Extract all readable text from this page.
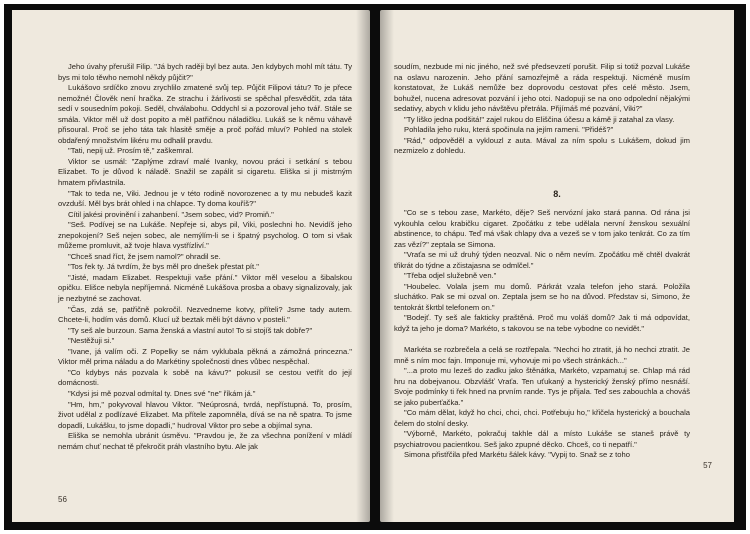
Jeho úvahy přerušil Filip. "Já bych raději byl bez auta. Jen kdybych mohl mít tátu. Ty bys mi tolo těwho nemohl někdy půjčit?"

Lukášovo srdíčko znovu zrychlilo zmatené svůj tep. Půjčit Filipovi tátu? To je přece nemožné! Člověk není hračka. Ze strachu i žárlivosti se spěchal přesvědčit, zda táta sedí v sousedním pokoji. Seděl, chválabohu. Oddychl si a pozoroval jeho tvář. Stále se smála. Viktor měl už dost popito a měl patřičnou náladičku. Lukáš se k němu váhavě přisoural. Proč se jeho táta tak hlasitě směje a proč pořád mluví? Pohled na stolek obdařený množstvím likéru mu odhalil pravdu.

"Tati, nepij už. Prosím tě," zaškemral.

Viktor se usmál: "Zaplýme zdraví malé Ivanky, novou práci i setkání s tebou Elizabet. To je důvod k náladě. Snažil se zapálit si cigaretu. Eliška si ji mistrným hmatem přivlastnila.

"Tak to teda ne, Viki. Jednou je v této rodině novorozenec a ty mu nebudeš kazit ovzduší. Měl bys brát ohled i na chlapce. Ty doma kouříš?"

Cítil jakési provinění i zahanbení. "Jsem sobec, vid? Promiň."

"Seš. Podívej se na Lukáše. Nepřeje si, abys pil, Viki, poslechni ho. Nevidíš jeho znepokojení? Seš nejen sobec, ale nemýlím-li se i špatný psycholog. O tom si však můžeme promluvit, až tvoje hlava vystřízliví."

"Chceš snad říct, že jsem namol?" ohradil se.

"Tos řek ty. Já tvrdím, že bys měl pro dnešek přestat pít."

"Jisté, madam Elizabet. Respektuji vaše přání." Viktor měl veselou a šibalskou opičku. Elišce nebyla nepříjemná. Nicméně Lukášova prosba a obavy signalizovaly, jak je nezbytné se zachovat.

"Čas, zdá se, patřičně pokročil. Nezvedneme kotvy, příteli? Jsme tady autem. Chcete-li, hodím vás domů. Klucí už beztak měli být dávno v posteli."

"Ty seš ale burzoun. Sama ženská a vlastní auto! To si stojíš tak dobře?"

"Nestěžuji si."

"Ivane, já valím oči. Z Popelky se nám vyklubala pěkná a zámožná princezna." Viktor měl prima náladu a do Markétiny společnosti dnes vůbec nespěchal.

"Co kdybys nás pozvala k sobě na kávu?" pokusil se cestou vetřít do její domácnosti.

"Kdysi jsi mě pozval odmítal ty. Dnes své "ne" říkám já."

"Hm, hm," pokyvoval hlavou Viktor. "Neúprosná, tvrdá, nepřístupná. To, prosím, život udělal z podlízavé Elizabet. Ma přítele zapomněla, dívá se na ně spatra. To jsme dopadli, Lukášku, to jsme dopadli," hudroval Viktor pro sebe a objímal syna.

Eliška se nemohla ubránit úsměvu. "Pravdou je, že za všechna ponížení v mládí nemám chuť nechat tě překročit práh vlastního bytu. Ale jak

56

soudím, nezbude mi nic jiného, než své předsevzetí porušit. Filip si totiž pozval Lukáše na oslavu narozenin. Jeho přání samozřejmě a ráda respektuji. Nicméně musím konstatovat, že Lukáš nemůže bez doprovodu cestovat přes celé město. Jsem, bohužel, nucena adresovat pozvání i jeho otci. Nadopuji se na ono odpolední nějakými sedativy, abych v klidu jeho návštěvu přetrála. Přijímáš mé pozvání, Viki?"

"Ty liško jedna podšitá!" zajel rukou do Eliščina účesu a kámě ji zatahal za vlasy.

Pohladila jeho ruku, která spočinula na jejím rameni. "Přidéš?"

"Rád," odpověděl a vyklouzl z auta. Mával za ním spolu s Lukášem, dokud jim nezmizelo z dohledu.

8.

"Co se s tebou zase, Markéto, děje? Seš nervózní jako stará panna. Od rána jsi vykouhla celou krabičku cigaret. Zpočátku z tebe udělala nervní ženskou sexuální abstinence, to chápu. Teď má však chlapy dva a vezeš se v tom jako tenkrát. Co za tím zas vězí?" zeptala se Simona.

"Vraťa se mi už druhý týden neozval. Nic o něm nevím. Zpočátku mě chtěl dvakrát třikrát do týdne a zčistajasna se odmlčel."

"Třeba odjel služebně ven."

"Houbelec. Volala jsem mu domů. Párkrát vzala telefon jeho stará. Položila sluchátko. Pak se mi ozval on. Zeptala jsem se ho na důvod. Představ si, Simono, že tentokrát škrtbl telefonem on."

"Bodejť. Ty seš ale fakticky praštěná. Proč mu voláš domů? Jak ti má odpovídat, když ta jeho je doma? Markéto, s takovou se na tebe vybodne co nevidět."

Markéta se rozbrečela a celá se roztřepala. "Nechci ho ztratit, já ho nechci ztratit. Je mně s ním moc fajn. Imponuje mi, vyhovuje mi po všech stránkách..."

"...a proto mu lezeš do zadku jako štěnátka, Markéto, vzpamatuj se. Chlap má rád hru na dobejvanou. Obzvlášť Vraťa. Ten uťukaný a hysterický ženský přímo nesnáší. Svoje podmínky ti řek hned na prvním rande. Tys je přijala. Teď ses zabouchla a chováš se jako puberťačka."

"Co mám dělat, když ho chci, chci, chci. Potřebuju ho," křičela hysterický a bouchala čelem do stolní desky.

"Výborně, Markéto, pokračuj takhle dál a místo Lukáše se staneš právě ty psychiatrovou pacientkou. Seš jako zpupné děcko. Chceš, co ti nepatří."

Simona přistřčila před Markétu šálek kávy. "Vypij to. Snaž se z toho

57
